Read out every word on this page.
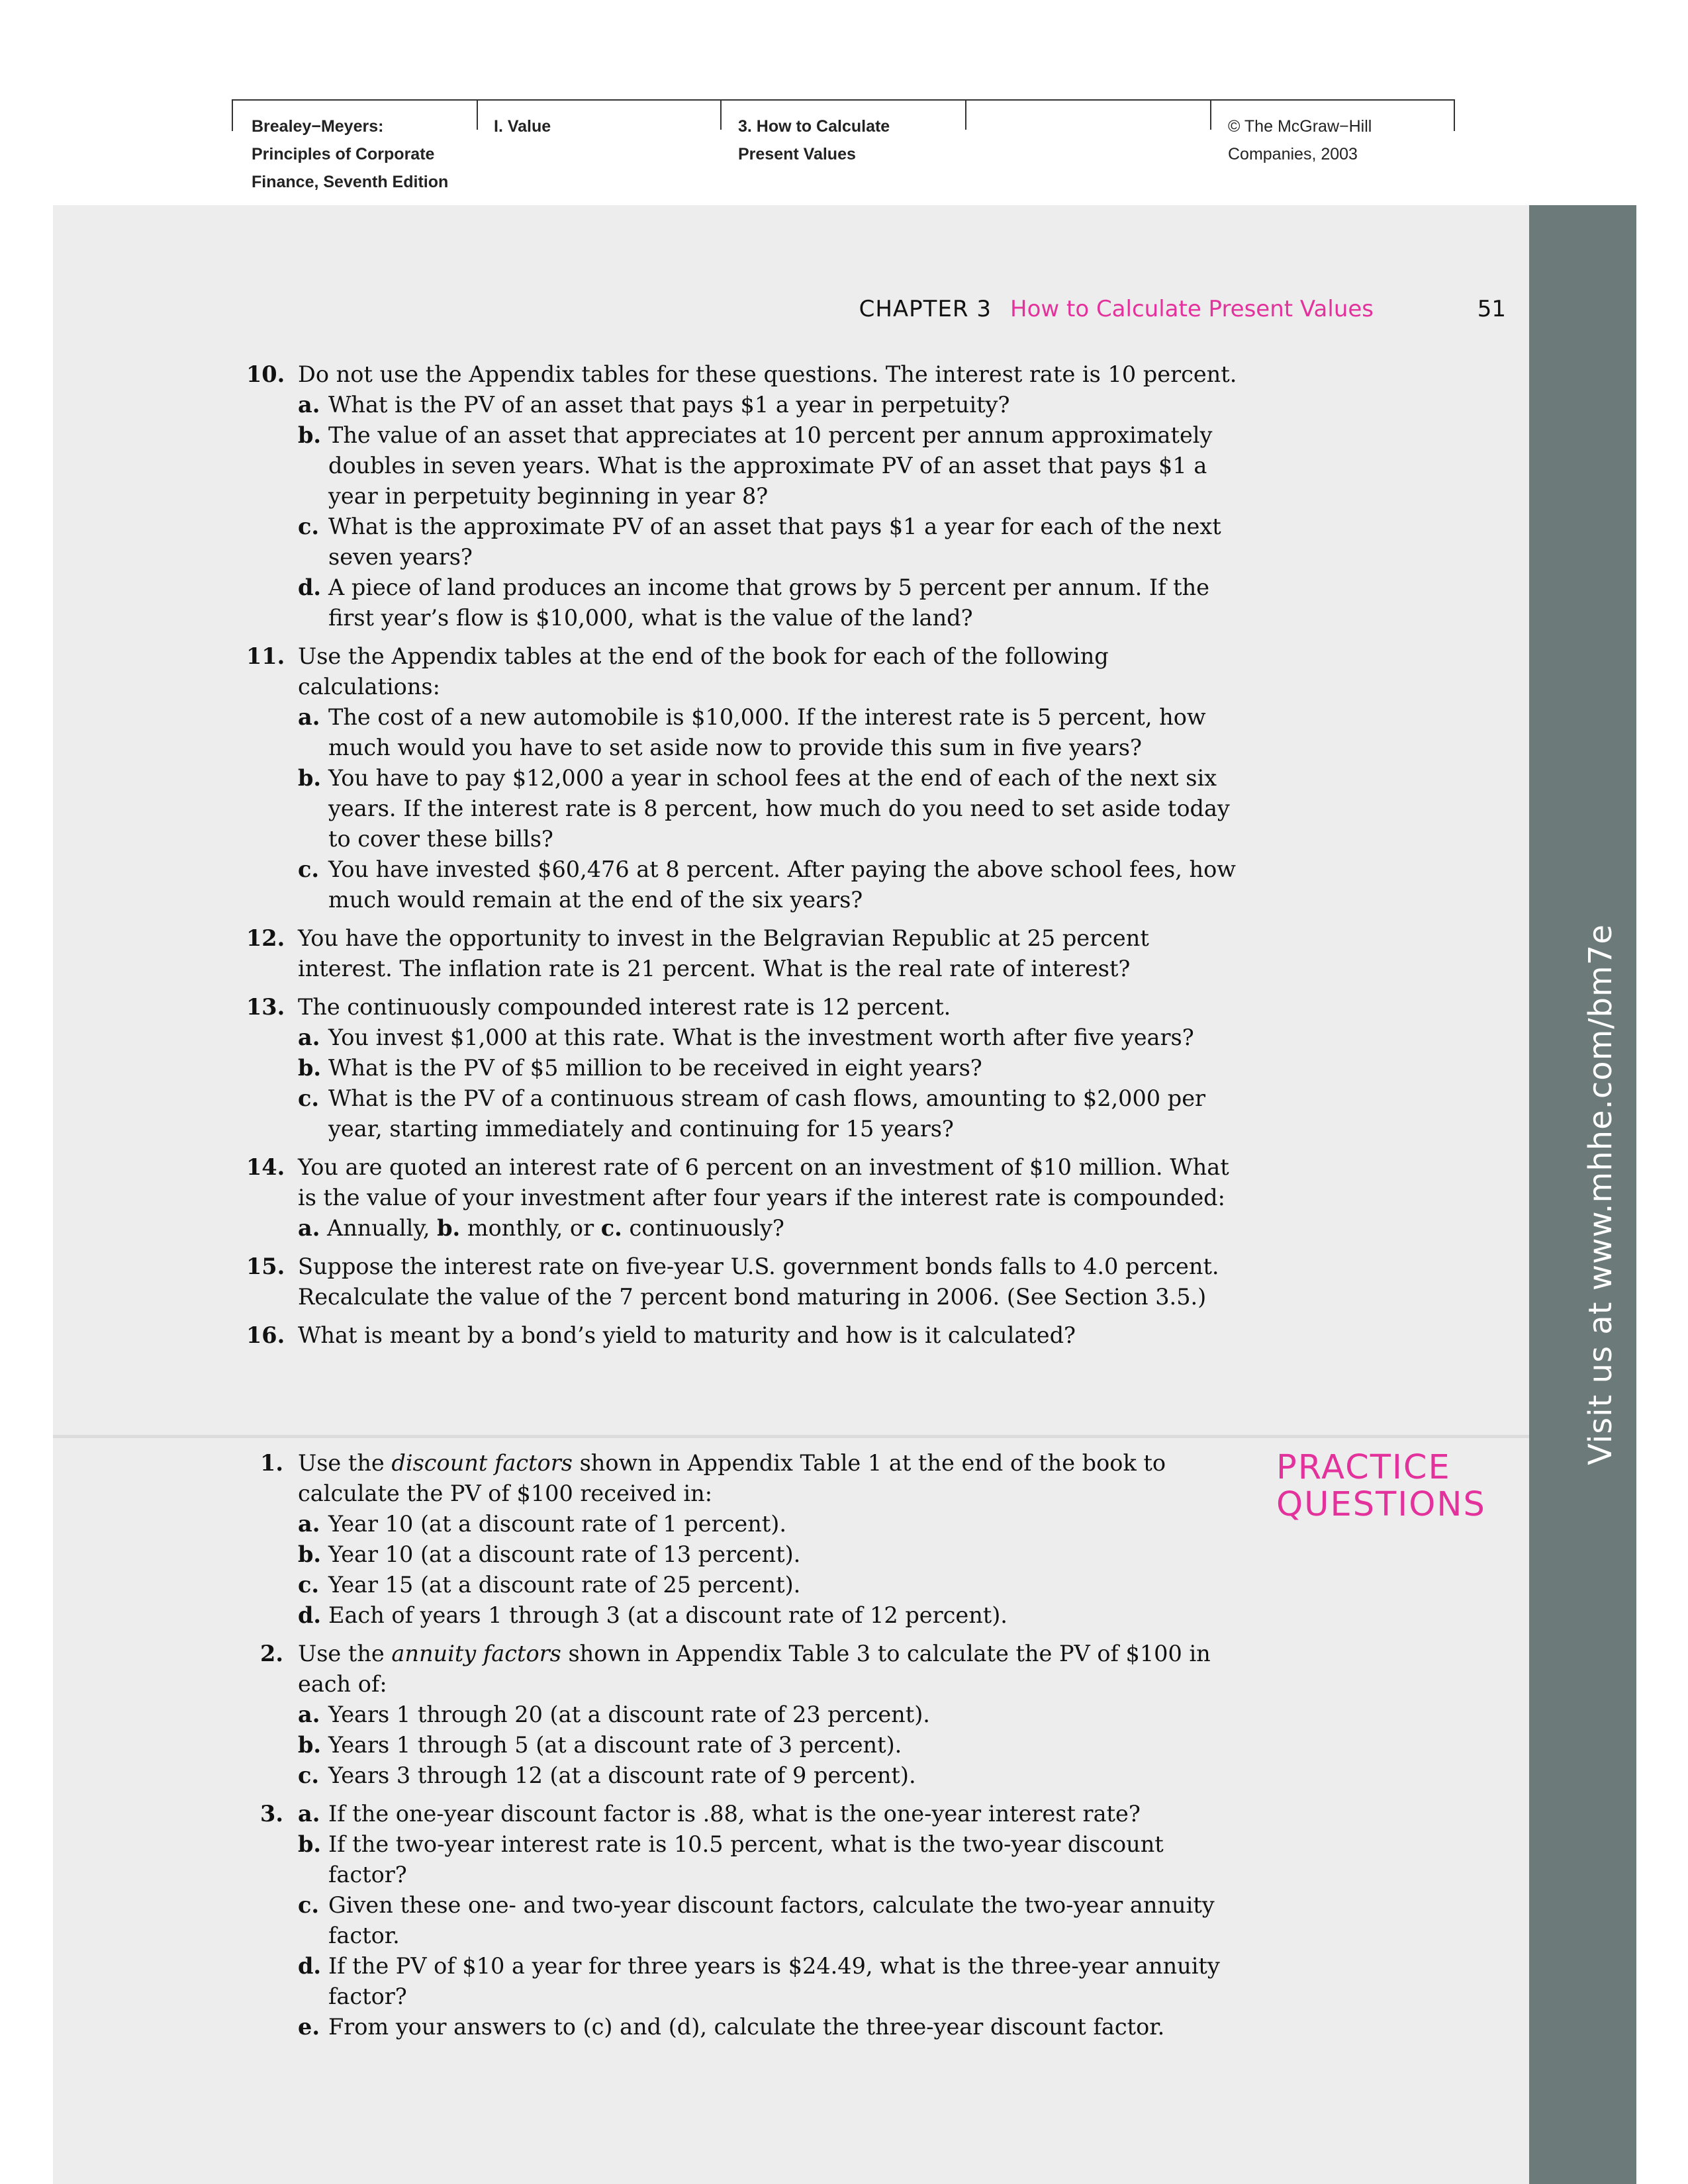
Brealey−Meyers:
Principles of Corporate
Finance, Seventh Edition
I. Value	3. How to Calculate
Present Values
© The McGraw−Hill
Companies, 2003
Visit us at www.mhhe.com/bm7e
CHAPTER 3 How to Calculate Present Values	51
10. Do not use the Appendix tables for these questions. The interest rate is 10 percent.
a. What is the PV of an asset that pays $1 a year in perpetuity?
b. The value of an asset that appreciates at 10 percent per annum approximately doubles in seven years. What is the approximate PV of an asset that pays $1 a year in perpetuity beginning in year 8?
c. What is the approximate PV of an asset that pays $1 a year for each of the next seven years?
d. A piece of land produces an income that grows by 5 percent per annum. If the first year’s flow is $10,000, what is the value of the land?
11. Use the Appendix tables at the end of the book for each of the following calculations:
a. The cost of a new automobile is $10,000. If the interest rate is 5 percent, how much would you have to set aside now to provide this sum in five years?
b. You have to pay $12,000 a year in school fees at the end of each of the next six years. If the interest rate is 8 percent, how much do you need to set aside today to cover these bills?
c. You have invested $60,476 at 8 percent. After paying the above school fees, how much would remain at the end of the six years?
12. You have the opportunity to invest in the Belgravian Republic at 25 percent interest. The inflation rate is 21 percent. What is the real rate of interest?
13. The continuously compounded interest rate is 12 percent.
a. You invest $1,000 at this rate. What is the investment worth after five years?
b. What is the PV of $5 million to be received in eight years?
c. What is the PV of a continuous stream of cash flows, amounting to $2,000 per year, starting immediately and continuing for 15 years?
14. You are quoted an interest rate of 6 percent on an investment of $10 million. What is the value of your investment after four years if the interest rate is compounded:
a. Annually, b. monthly, or c. continuously?
15. Suppose the interest rate on five-year U.S. government bonds falls to 4.0 percent. Recalculate the value of the 7 percent bond maturing in 2006. (See Section 3.5.)
16. What is meant by a bond’s yield to maturity and how is it calculated?
PRACTICE
QUESTIONS
1. Use the discount factors shown in Appendix Table 1 at the end of the book to calculate the PV of $100 received in:
a. Year 10 (at a discount rate of 1 percent).
b. Year 10 (at a discount rate of 13 percent).
c. Year 15 (at a discount rate of 25 percent).
d. Each of years 1 through 3 (at a discount rate of 12 percent).
2. Use the annuity factors shown in Appendix Table 3 to calculate the PV of $100 in each of:
a. Years 1 through 20 (at a discount rate of 23 percent).
b. Years 1 through 5 (at a discount rate of 3 percent).
c. Years 3 through 12 (at a discount rate of 9 percent).
3. a. If the one-year discount factor is .88, what is the one-year interest rate?
b. If the two-year interest rate is 10.5 percent, what is the two-year discount factor?
c. Given these one- and two-year discount factors, calculate the two-year annuity factor.
d. If the PV of $10 a year for three years is $24.49, what is the three-year annuity factor?
e. From your answers to (c) and (d), calculate the three-year discount factor.
